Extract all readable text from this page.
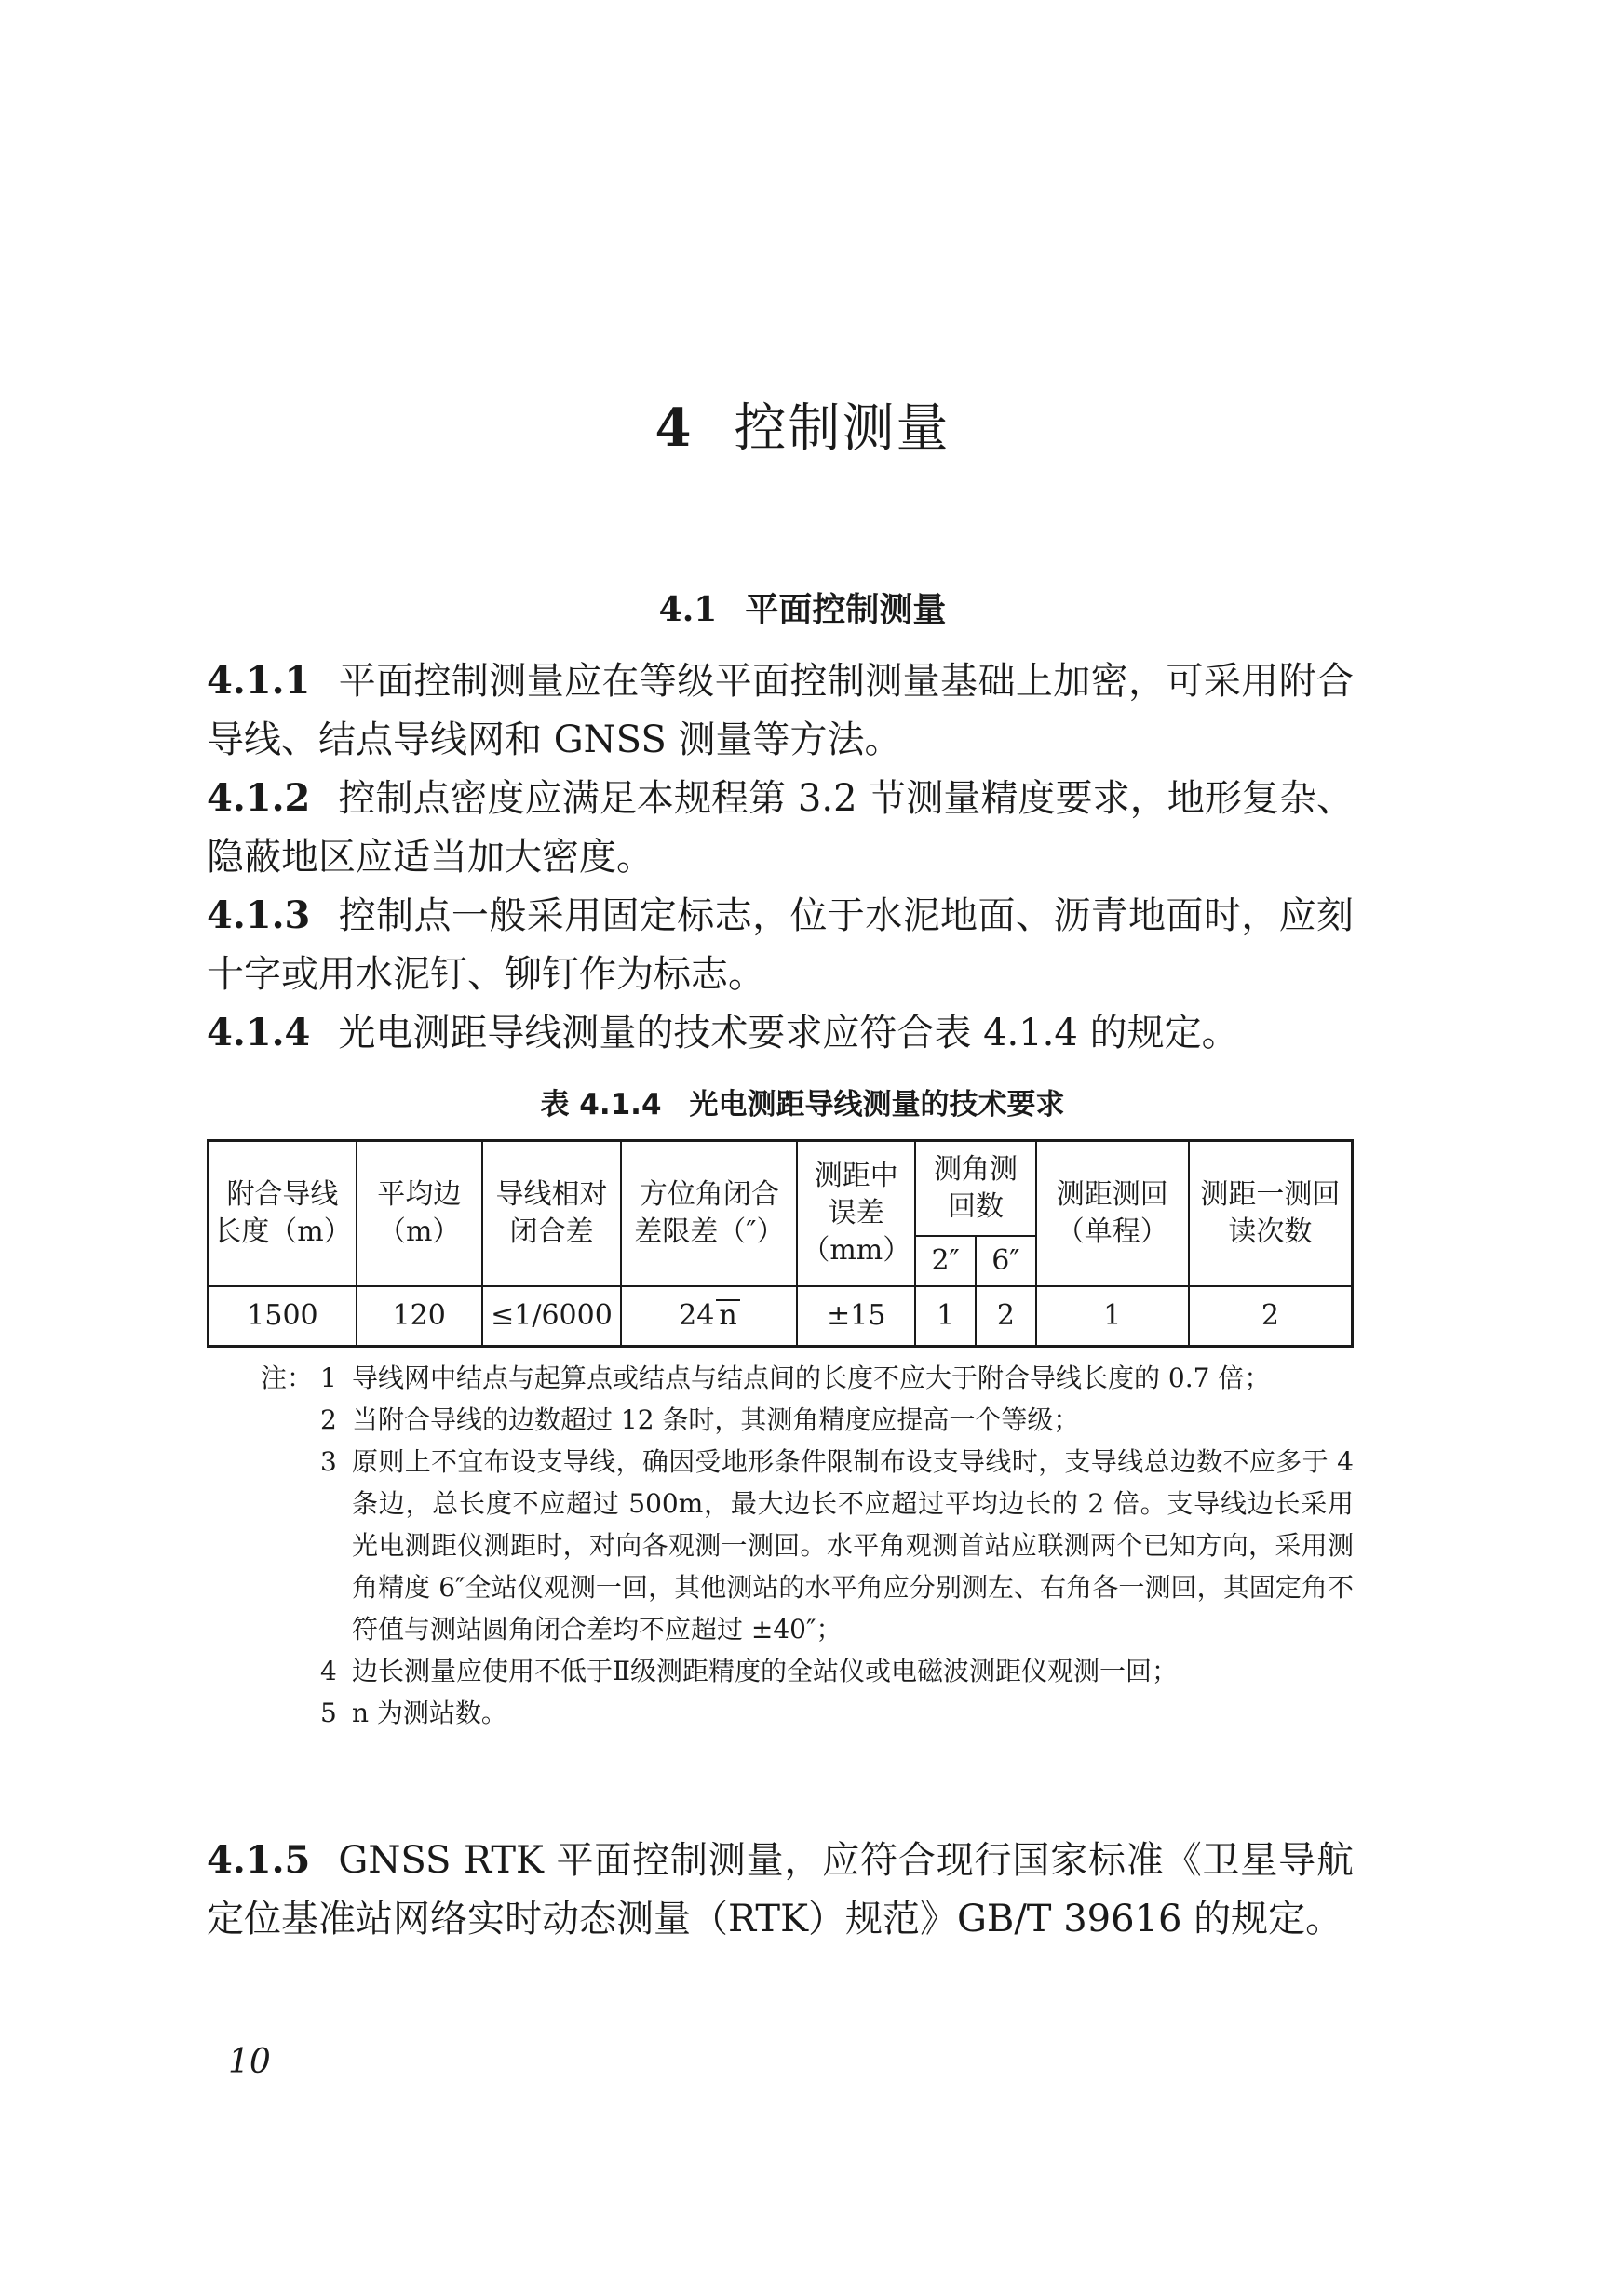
4 控制测量
4.1 平面控制测量
4.1.1 平面控制测量应在等级平面控制测量基础上加密，可采用附合导线、结点导线网和 GNSS 测量等方法。
4.1.2 控制点密度应满足本规程第 3.2 节测量精度要求，地形复杂、隐蔽地区应适当加大密度。
4.1.3 控制点一般采用固定标志，位于水泥地面、沥青地面时，应刻十字或用水泥钉、铆钉作为标志。
4.1.4 光电测距导线测量的技术要求应符合表 4.1.4 的规定。
表 4.1.4 光电测距导线测量的技术要求
附合导线长度（m）	平均边（m）	导线相对闭合差	方位角闭合差限差（″）	测距中误差（mm）	测角测回数		测距测回（单程）	测距一测回读次数
					2″	6″		
1500	120	≤1/6000	24 n	±15	1	2	1	2
注： 1 导线网中结点与起算点或结点与结点间的长度不应大于附合导线长度的 0.7 倍；
2 当附合导线的边数超过 12 条时，其测角精度应提高一个等级；
3 原则上不宜布设支导线，确因受地形条件限制布设支导线时，支导线总边数不应多于 4 条边，总长度不应超过 500m，最大边长不应超过平均边长的 2 倍。支导线边长采用光电测距仪测距时，对向各观测一测回。水平角观测首站应联测两个已知方向，采用测角精度 6″全站仪观测一回，其他测站的水平角应分别测左、右角各一测回，其固定角不符值与测站圆角闭合差均不应超过 ±40″；
4 边长测量应使用不低于Ⅱ级测距精度的全站仪或电磁波测距仪观测一回；
5 n 为测站数。
4.1.5 GNSS RTK 平面控制测量，应符合现行国家标准《卫星导航定位基准站网络实时动态测量（RTK）规范》GB/T 39616 的规定。
10
